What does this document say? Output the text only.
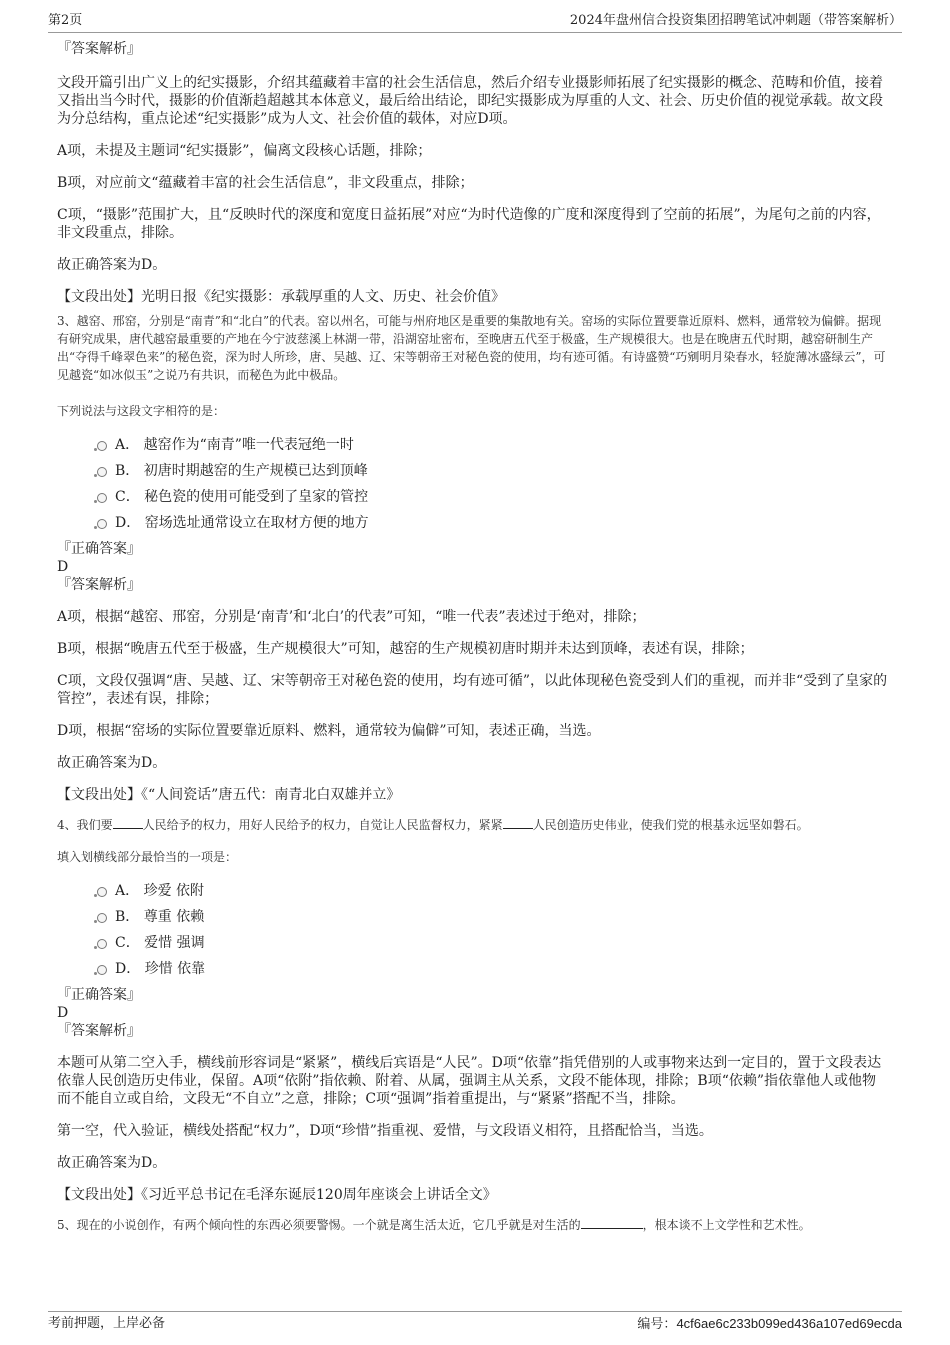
第2页	2024年盘州信合投资集团招聘笔试冲刺题（带答案解析）

『答案解析』

文段开篇引出广义上的纪实摄影，介绍其蕴藏着丰富的社会生活信息，然后介绍专业摄影师拓展了纪实摄影的概念、范畴和价值，接着又指出当今时代，摄影的价值渐趋超越其本体意义，最后给出结论，即纪实摄影成为厚重的人文、社会、历史价值的视觉承载。故文段为分总结构，重点论述“纪实摄影”成为人文、社会价值的载体，对应D项。

A项，未提及主题词“纪实摄影”，偏离文段核心话题，排除；

B项，对应前文“蕴藏着丰富的社会生活信息”，非文段重点，排除；

C项，“摄影”范围扩大，且“反映时代的深度和宽度日益拓展”对应“为时代造像的广度和深度得到了空前的拓展”，为尾句之前的内容，非文段重点，排除。

故正确答案为D。

【文段出处】光明日报《纪实摄影：承载厚重的人文、历史、社会价值》

3、越窑、邢窑，分别是“南青”和“北白”的代表。窑以州名，可能与州府地区是重要的集散地有关。窑场的实际位置要靠近原料、燃料，通常较为偏僻。据现有研究成果，唐代越窑最重要的产地在今宁波慈溪上林湖一带，沿湖窑址密布，至晚唐五代至于极盛，生产规模很大。也是在晚唐五代时期，越窑研制生产出“夺得千峰翠色来”的秘色瓷，深为时人所珍，唐、吴越、辽、宋等朝帝王对秘色瓷的使用，均有迹可循。有诗盛赞“巧剜明月染春水，轻旋薄冰盛绿云”，可见越瓷“如冰似玉”之说乃有共识，而秘色为此中极品。

下列说法与这段文字相符的是：

A． 越窑作为“南青”唯一代表冠绝一时
B． 初唐时期越窑的生产规模已达到顶峰
C． 秘色瓷的使用可能受到了皇家的管控
D． 窑场选址通常设立在取材方便的地方

『正确答案』

D

『答案解析』

A项，根据“越窑、邢窑，分别是‘南青’和‘北白’的代表”可知，“唯一代表”表述过于绝对，排除；

B项，根据“晚唐五代至于极盛，生产规模很大”可知，越窑的生产规模初唐时期并未达到顶峰，表述有误，排除；

C项，文段仅强调“唐、吴越、辽、宋等朝帝王对秘色瓷的使用，均有迹可循”，以此体现秘色瓷受到人们的重视，而并非“受到了皇家的管控”，表述有误，排除；

D项，根据“窑场的实际位置要靠近原料、燃料，通常较为偏僻”可知，表述正确，当选。

故正确答案为D。

【文段出处】《“人间瓷话”唐五代：南青北白双雄并立》

4、我们要	人民给予的权力，用好人民给予的权力，自觉让人民监督权力，紧紧	人民创造历史伟业，使我们党的根基永远坚如磐石。

填入划横线部分最恰当的一项是：

A． 珍爱 依附
B． 尊重 依赖
C． 爱惜 强调
D． 珍惜 依靠

『正确答案』

D

『答案解析』

本题可从第二空入手，横线前形容词是“紧紧”，横线后宾语是“人民”。D项“依靠”指凭借别的人或事物来达到一定目的，置于文段表达依靠人民创造历史伟业，保留。A项“依附”指依赖、附着、从属，强调主从关系，文段不能体现，排除；B项“依赖”指依靠他人或他物而不能自立或自给，文段无“不自立”之意，排除；C项“强调”指着重提出，与“紧紧”搭配不当，排除。

第一空，代入验证，横线处搭配“权力”，D项“珍惜”指重视、爱惜，与文段语义相符，且搭配恰当，当选。

故正确答案为D。

【文段出处】《习近平总书记在毛泽东诞辰120周年座谈会上讲话全文》

5、现在的小说创作，有两个倾向性的东西必须要警惕。一个就是离生活太近，它几乎就是对生活的	，根本谈不上文学性和艺术性。

考前押题，上岸必备	编号：4cf6ae6c233b099ed436a107ed69ecda
